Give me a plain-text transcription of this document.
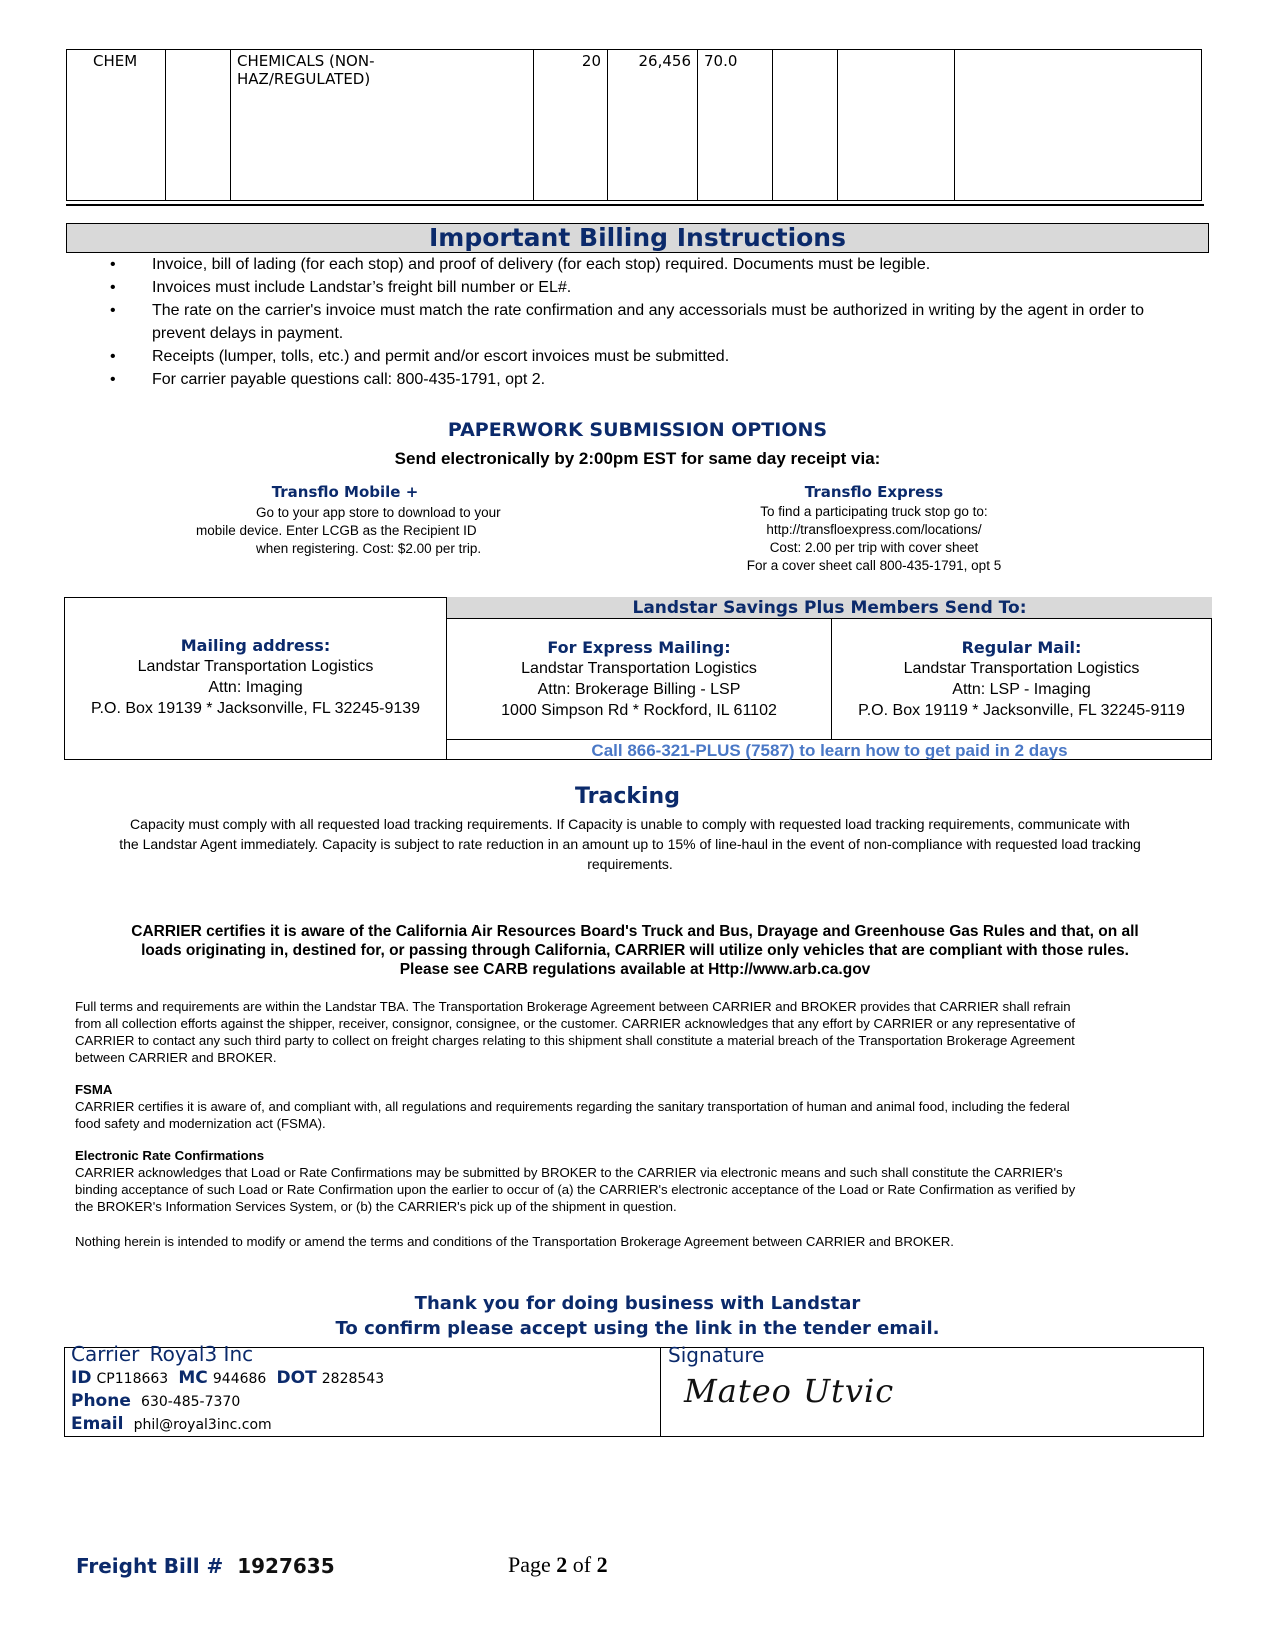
CHEM		CHEMICALS (NON-
HAZ/REGULATED)
	20	26,456	70.0			
Important Billing Instructions
• Invoice, bill of lading (for each stop) and proof of delivery (for each stop) required. Documents must be legible.
• Invoices must include Landstar’s freight bill number or EL#.
• The rate on the carrier's invoice must match the rate confirmation and any accessorials must be authorized in writing by the agent in order to prevent delays in payment.
• Receipts (lumper, tolls, etc.) and permit and/or escort invoices must be submitted.
• For carrier payable questions call: 800-435-1791, opt 2.
PAPERWORK SUBMISSION OPTIONS
Send electronically by 2:00pm EST for same day receipt via:
Transflo Mobile +
Go to your app store to download to your
mobile device. Enter LCGB as the Recipient ID
when registering. Cost: $2.00 per trip.
Transflo Express
To find a participating truck stop go to:
http://transfloexpress.com/locations/
Cost: 2.00 per trip with cover sheet
For a cover sheet call 800-435-1791, opt 5
Landstar Savings Plus Members Send To:
Mailing address:
Landstar Transportation Logistics
Attn: Imaging
P.O. Box 19139 * Jacksonville, FL 32245-9139
For Express Mailing:
Landstar Transportation Logistics
Attn: Brokerage Billing - LSP
1000 Simpson Rd * Rockford, IL 61102
Regular Mail:
Landstar Transportation Logistics
Attn: LSP - Imaging
P.O. Box 19119 * Jacksonville, FL 32245-9119
Call 866-321-PLUS (7587) to learn how to get paid in 2 days
Tracking
Capacity must comply with all requested load tracking requirements. If Capacity is unable to comply with requested load tracking requirements, communicate with
the Landstar Agent immediately. Capacity is subject to rate reduction in an amount up to 15% of line-haul in the event of non-compliance with requested load tracking
requirements.
CARRIER certifies it is aware of the California Air Resources Board's Truck and Bus, Drayage and Greenhouse Gas Rules and that, on all
loads originating in, destined for, or passing through California, CARRIER will utilize only vehicles that are compliant with those rules.
Please see CARB regulations available at Http://www.arb.ca.gov
Full terms and requirements are within the Landstar TBA. The Transportation Brokerage Agreement between CARRIER and BROKER provides that CARRIER shall refrain
from all collection efforts against the shipper, receiver, consignor, consignee, or the customer. CARRIER acknowledges that any effort by CARRIER or any representative of
CARRIER to contact any such third party to collect on freight charges relating to this shipment shall constitute a material breach of the Transportation Brokerage Agreement
between CARRIER and BROKER.
FSMA
CARRIER certifies it is aware of, and compliant with, all regulations and requirements regarding the sanitary transportation of human and animal food, including the federal
food safety and modernization act (FSMA).
Electronic Rate Confirmations
CARRIER acknowledges that Load or Rate Confirmations may be submitted by BROKER to the CARRIER via electronic means and such shall constitute the CARRIER's
binding acceptance of such Load or Rate Confirmation upon the earlier to occur of (a) the CARRIER's electronic acceptance of the Load or Rate Confirmation as verified by
the BROKER's Information Services System, or (b) the CARRIER's pick up of the shipment in question.
Nothing herein is intended to modify or amend the terms and conditions of the Transportation Brokerage Agreement between CARRIER and BROKER.
Thank you for doing business with Landstar
To confirm please accept using the link in the tender email.
Carrier Royal3 Inc
ID CP118663 MC 944686 DOT 2828543
Phone 630-485-7370
Email phil@royal3inc.com
Signature
Mateo Utvic
Freight Bill # 1927635	Page 2 of 2
